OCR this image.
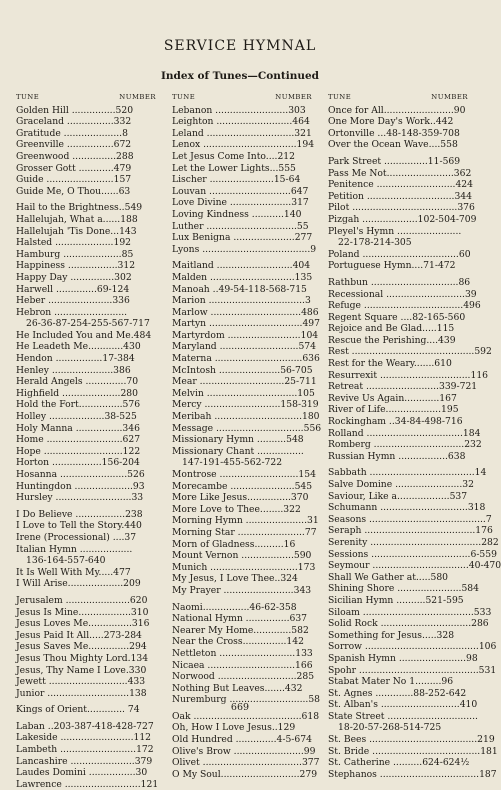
SERVICE HYMNAL
Index of Tunes—Continued
TUNE	NUMBER
Golden Hill ...............520
Graceland ................332
Gratitude ....................8
Greenville ................672
Greenwood ...............288
Grosser Gott ............479
Guide .......................157
Guide Me, O Thou......63
Hail to the Brightness..549
Hallelujah, What a......188
Hallelujah 'Tis Done...143
Halsted ....................192
Hamburg ....................85
Happiness .................312
Happy Day ...............302
Harwell ..............69-124
Heber ......................336
Hebron .........................
26-36-87-254-255-567-717
He Included You and Me.484
He Leadeth Me............430
Hendon ................17-384
Henley .....................386
Herald Angels ..............70
Highfield ....................280
Hold the Fort...............576
Holley ...................38-525
Holy Manna ................346
Home ..........................627
Hope ...........................122
Horton .................156-204
Hosanna .......................526
Huntingdon ....................93
Hursley ..........................33
I Do Believe .................238
I Love to Tell the Story.440
Irene (Processional) ....37
Italian Hymn ..................
136-164-557-640
It Is Well With My.....477
I Will Arise...................209
Jerusalem ......................620
Jesus Is Mine..................310
Jesus Loves Me...............316
Jesus Paid It All.....273-284
Jesus Saves Me..............294
Jesus Thou Mighty Lord.134
Jesus, Thy Name I Love.330
Jewett ...........................433
Junior ............................138
Kings of Orient............. 74
Laban ..203-387-418-428-727
Lakeside .........................112
Lambeth ..........................172
Lancashire ......................379
Laudes Domini ................30
Lawrence ..........................121
TUNE	NUMBER
Lebanon .........................303
Leighton ..........................464
Leland ..............................321
Lenox ................................194
Let Jesus Come Into....212
Let the Lower Lights...555
Lischer ......................15-64
Louvan ............................647
Love Divine .....................317
Loving Kindness ...........140
Luther ...............................55
Lux Benigna .....................277
Lyons .....................................9
Maitland ..........................404
Malden .............................135
Manoah ..49-54-118-568-715
Marion .................................3
Marlow ...............................486
Martyn ................................497
Martyrdom .........................104
Maryland ...........................574
Materna ..............................636
McIntosh .....................56-705
Mear .............................25-711
Melvin ...............................105
Mercy ..........................158-319
Meribah ..............................180
Message ..............................556
Missionary Hymn ..........548
Missionary Chant ................
147-191-455-562-722
Montrose ...........................154
Morecambe ......................545
More Like Jesus...............370
More Love to Thee........322
Morning Hymn .....................31
Morning Star .......................77
Morn of Gladness..........16
Mount Vernon ..................590
Munich ..............................173
My Jesus, I Love Thee..324
My Prayer ........................343
Naomi................46-62-358
National Hymn ...............637
Nearer My Home.............582
Near the Cross...............142
Nettleton ..........................133
Nicaea ..............................166
Norwood ...........................285
Nothing But Leaves.......432
Nuremburg ...........................58
Oak .....................................618
Oh, How I Love Jesus..129
Old Hundred ..............4-5-674
Olive's Brow ........................99
Olivet ..................................377
O My Soul...........................279
TUNE	NUMBER
Once for All........................90
One More Day's Work..442
Ortonville ...48-148-359-708
Over the Ocean Wave....558
Park Street ...............11-569
Pass Me Not.......................362
Penitence ...........................424
Petition ..............................344
Pilot ....................................376
Pizgah ...................102-504-709
Pleyel's Hymn ......................
22-178-214-305
Poland .................................60
Portuguese Hymn....71-472
Rathbun ..............................86
Recessional ...........................39
Refuge ..................................496
Regent Square ....82-165-560
Rejoice and Be Glad.....115
Rescue the Perishing....439
Rest ..........................................592
Rest for the Weary.......610
Resurrexit ...............................116
Retreat .........................339-721
Revive Us Again............167
River of Life...................195
Rockingham ..34-84-498-716
Rolland .................................184
Romberg ...............................232
Russian Hymn .................638
Sabbath ....................................14
Salve Domine .......................32
Saviour, Like a..................537
Schumann ..............................318
Seasons ........................................7
Seraph ......................................176
Serenity ......................................282
Sessions ..................................6-559
Seymour .................................40-470
Shall We Gather at.....580
Shining Shore ......................584
Sicilian Hymn ..........521-595
Siloam ......................................533
Solid Rock ...............................286
Something for Jesus.....328
Sorrow .......................................106
Spanish Hymn .......................98
Spohr .........................................531
Stabat Mater No 1.........96
St. Agnes .............88-252-642
St. Alban's ...........................410
State Street ...............................
18-20-57-268-514-725
St. Bees .....................................219
St. Bride .....................................181
St. Catherine ..........624-624½
Stephanos ..................................187
669
